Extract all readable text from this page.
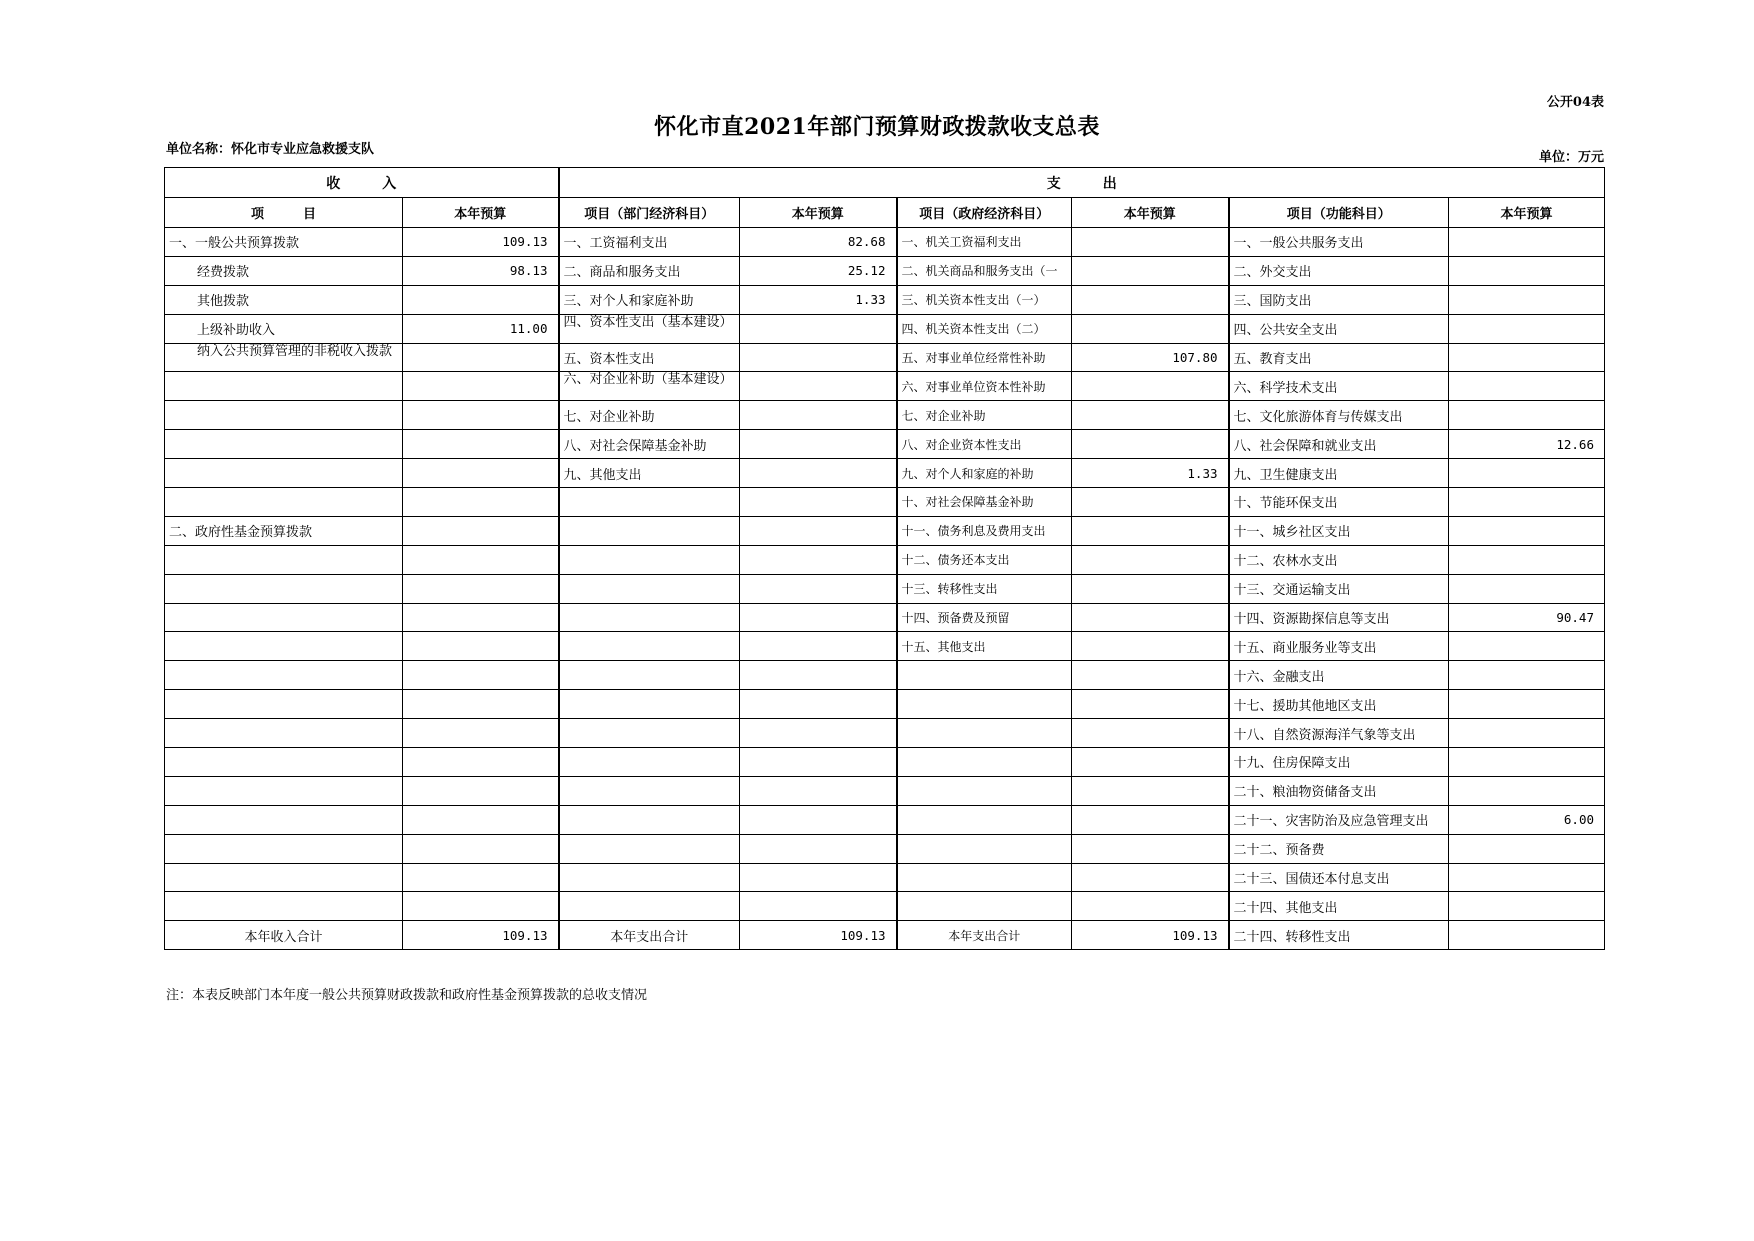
公开04表
怀化市直2021年部门预算财政拨款收支总表
单位名称：怀化市专业应急救援支队
单位：万元
收　　　入		支　　　出					
项　　　目	本年预算	项目（部门经济科目）	本年预算	项目（政府经济科目）	本年预算	项目（功能科目）	本年预算
一、一般公共预算拨款	109.13	一、工资福利支出	82.68	一、机关工资福利支出		一、一般公共服务支出	
经费拨款	98.13	二、商品和服务支出	25.12	二、机关商品和服务支出（一		二、外交支出	
其他拨款		三、对个人和家庭补助	1.33	三、机关资本性支出（一）		三、国防支出	
上级补助收入	11.00	四、资本性支出（基本建设）		四、机关资本性支出（二）		四、公共安全支出	
纳入公共预算管理的非税收入拨款		五、资本性支出		五、对事业单位经常性补助	107.80	五、教育支出	
		六、对企业补助（基本建设）		六、对事业单位资本性补助		六、科学技术支出	
		七、对企业补助		七、对企业补助		七、文化旅游体育与传媒支出	
		八、对社会保障基金补助		八、对企业资本性支出		八、社会保障和就业支出	12.66
		九、其他支出		九、对个人和家庭的补助	1.33	九、卫生健康支出	
				十、对社会保障基金补助		十、节能环保支出	
二、政府性基金预算拨款				十一、债务利息及费用支出		十一、城乡社区支出	
				十二、债务还本支出		十二、农林水支出	
				十三、转移性支出		十三、交通运输支出	
				十四、预备费及预留		十四、资源勘探信息等支出	90.47
				十五、其他支出		十五、商业服务业等支出	
						十六、金融支出	
						十七、援助其他地区支出	
						十八、自然资源海洋气象等支出	
						十九、住房保障支出	
						二十、粮油物资储备支出	
						二十一、灾害防治及应急管理支出	6.00
						二十二、预备费	
						二十三、国债还本付息支出	
						二十四、其他支出	
本年收入合计	109.13	本年支出合计	109.13	本年支出合计	109.13	二十四、转移性支出	
注：本表反映部门本年度一般公共预算财政拨款和政府性基金预算拨款的总收支情况
